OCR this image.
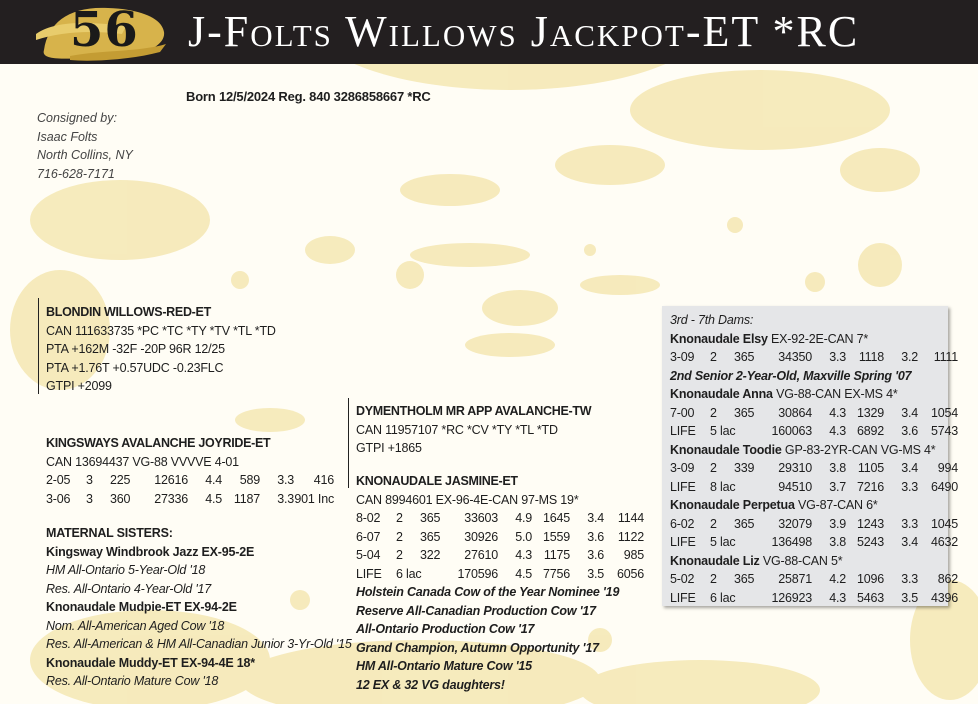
56 J-Folts Willows Jackpot-ET *RC
Born 12/5/2024 Reg. 840 3286858667 *RC
Consigned by:
Isaac Folts
North Collins, NY
716-628-7171
BLONDIN WILLOWS-RED-ET
CAN 111633735 *PC *TC *TY *TV *TL *TD
PTA +162M -32F -20P 96R 12/25
PTA +1.76T +0.57UDC -0.23FLC
GTPI +2099
KINGSWAYS AVALANCHE JOYRIDE-ET
CAN 13694437 VG-88 VVVVE 4-01
2-05	3	225	12616	4.4	589	3.3	416
3-06	3	360	27336	4.5 1187	3.3 901 Inc
MATERNAL SISTERS:
Kingsway Windbrook Jazz EX-95-2E
HM All-Ontario 5-Year-Old '18
Res. All-Ontario 4-Year-Old '17
Knonaudale Mudpie-ET EX-94-2E
Nom. All-American Aged Cow '18
Res. All-American & HM All-Canadian Junior 3-Yr-Old '15
Knonaudale Muddy-ET EX-94-4E 18*
Res. All-Ontario Mature Cow '18
DYMENTHOLM MR APP AVALANCHE-TW
CAN 11957107 *RC *CV *TY *TL *TD
GTPI +1865
KNONAUDALE JASMINE-ET
CAN 8994601 EX-96-4E-CAN 97-MS 19*
8-02	2	365	33603	4.9 1645	3.4	1144
6-07	2	365	30926	5.0 1559	3.6	1122
5-04	2	322	27610	4.3 1175	3.6	985
LIFE	6 lac	170596	4.5 7756	3.5	6056
Holstein Canada Cow of the Year Nominee '19
Reserve All-Canadian Production Cow '17
All-Ontario Production Cow '17
Grand Champion, Autumn Opportunity '17
HM All-Ontario Mature Cow '15
12 EX & 32 VG daughters!
3rd - 7th Dams:
Knonaudale Elsy EX-92-2E-CAN 7*
3-09	2	365	34350	3.3	1118	3.2	1111
2nd Senior 2-Year-Old, Maxville Spring '07
Knonaudale Anna VG-88-CAN EX-MS 4*
7-00	2	365	30864	4.3 1329	3.4	1054
LIFE	5 lac	160063	4.3 6892	3.6	5743
Knonaudale Toodie GP-83-2YR-CAN VG-MS 4*
3-09	2	339	29310	3.8 1105	3.4	994
LIFE	8 lac	94510	3.7 7216	3.3	6490
Knonaudale Perpetua VG-87-CAN 6*
6-02	2	365	32079	3.9 1243	3.3	1045
LIFE	5 lac	136498	3.8 5243	3.4	4632
Knonaudale Liz VG-88-CAN 5*
5-02	2	365	25871	4.2 1096	3.3	862
LIFE	6 lac	126923	4.3 5463	3.5	4396
